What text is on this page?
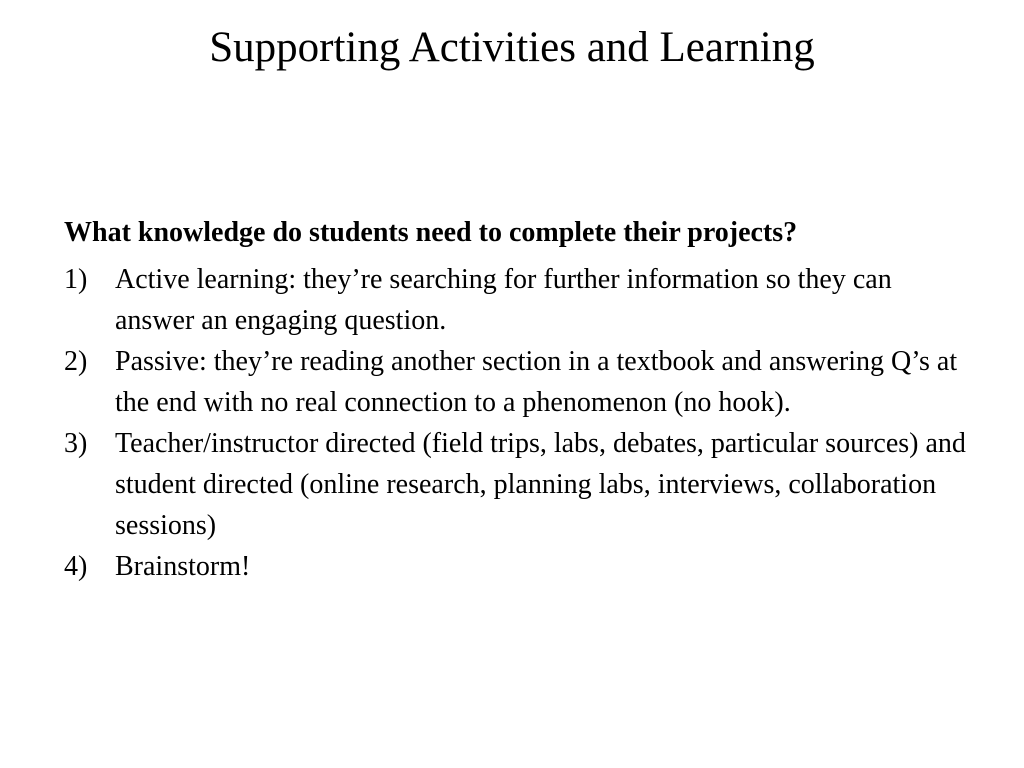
Supporting Activities and Learning

What knowledge do students need to complete their projects?

1) Active learning: they’re searching for further information so they can answer an engaging question.
2) Passive: they’re reading another section in a textbook and answering Q’s at the end with no real connection to a phenomenon (no hook).
3) Teacher/instructor directed (field trips, labs, debates, particular sources) and student directed (online research, planning labs, interviews, collaboration sessions)
4) Brainstorm!
